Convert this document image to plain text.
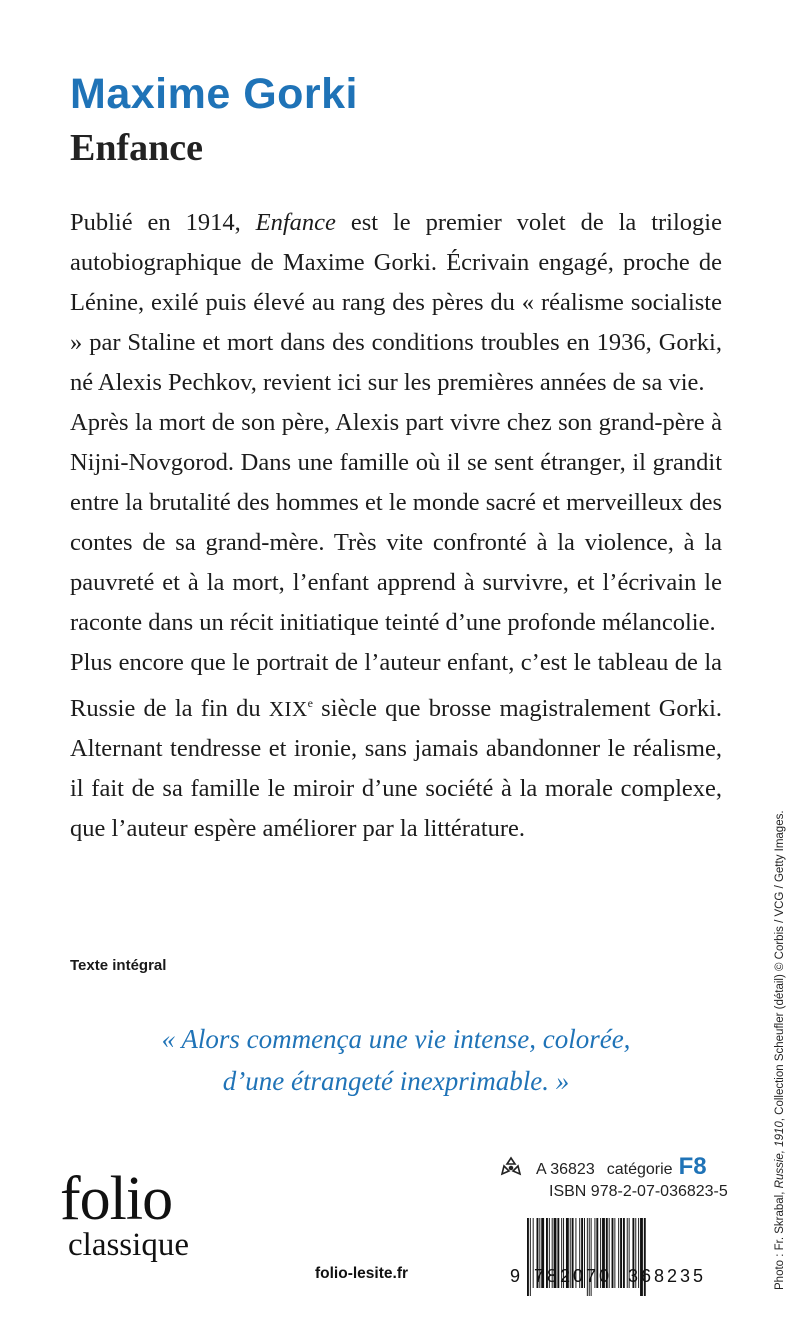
Maxime Gorki
Enfance

Publié en 1914, Enfance est le premier volet de la trilogie autobiographique de Maxime Gorki. Écrivain engagé, proche de Lénine, exilé puis élevé au rang des pères du « réalisme socialiste » par Staline et mort dans des conditions troubles en 1936, Gorki, né Alexis Pechkov, revient ici sur les premières années de sa vie.

Après la mort de son père, Alexis part vivre chez son grand-père à Nijni-Novgorod. Dans une famille où il se sent étranger, il grandit entre la brutalité des hommes et le monde sacré et merveilleux des contes de sa grand-mère. Très vite confronté à la violence, à la pauvreté et à la mort, l’enfant apprend à survivre, et l’écrivain le raconte dans un récit initiatique teinté d’une profonde mélancolie.

Plus encore que le portrait de l’auteur enfant, c’est le tableau de la Russie de la fin du XIXe siècle que brosse magistralement Gorki. Alternant tendresse et ironie, sans jamais abandonner le réalisme, il fait de sa famille le miroir d’une société à la morale complexe, que l’auteur espère améliorer par la littérature.

Texte intégral
« Alors commença une vie intense, colorée,
d’une étrangeté inexprimable. »
A 36823 catégorie F8
ISBN 978-2-07-036823-5
9 782070 368235
folio
classique
folio-lesite.fr	Photo : Fr. Skrabal, Russie, 1910, Collection Scheufler (détail) © Corbis / VCG / Getty Images.
